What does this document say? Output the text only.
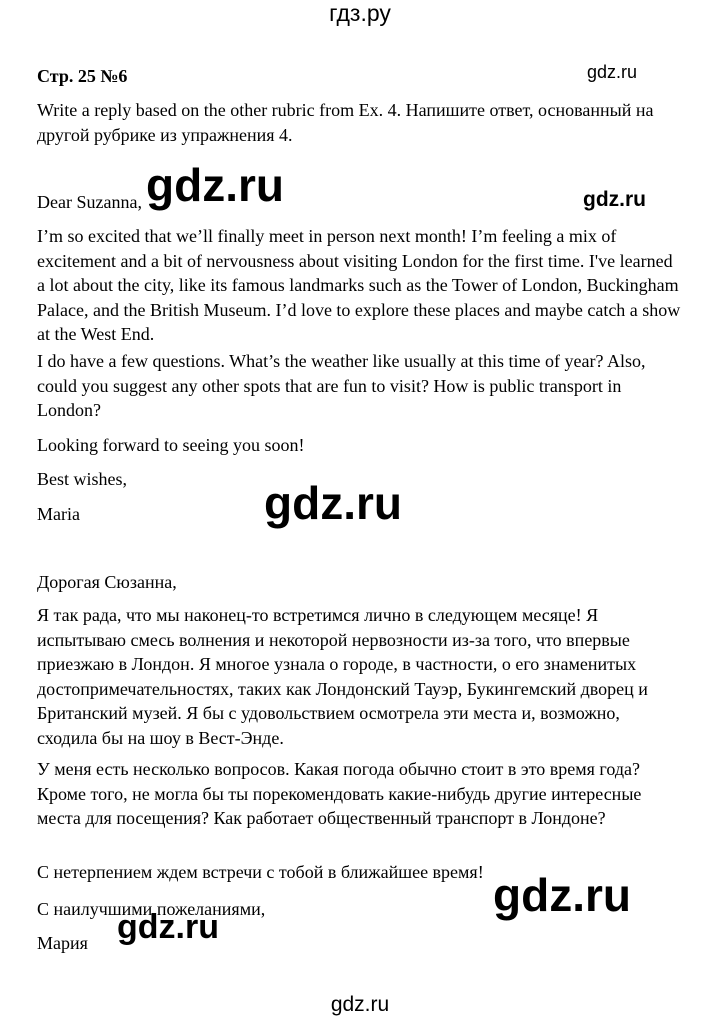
гдз.ру
Стр. 25 №6	gdz.ru
Write a reply based on the other rubric from Ex. 4. Напишите ответ, основанный на другой рубрике из упражнения 4.

Dear Suzanna, gdz.ru	gdz.ru

I’m so excited that we’ll finally meet in person next month! I’m feeling a mix of excitement and a bit of nervousness about visiting London for the first time. I've learned a lot about the city, like its famous landmarks such as the Tower of London, Buckingham Palace, and the British Museum. I’d love to explore these places and maybe catch a show at the West End.

I do have a few questions. What’s the weather like usually at this time of year? Also, could you suggest any other spots that are fun to visit? How is public transport in London?

Looking forward to seeing you soon!

Best wishes,

Maria	gdz.ru

Дорогая Сюзанна,

Я так рада, что мы наконец-то встретимся лично в следующем месяце! Я испытываю смесь волнения и некоторой нервозности из-за того, что впервые приезжаю в Лондон. Я многое узнала о городе, в частности, о его знаменитых достопримечательностях, таких как Лондонский Тауэр, Букингемский дворец и Британский музей. Я бы с удовольствием осмотрела эти места и, возможно, сходила бы на шоу в Вест-Энде.

У меня есть несколько вопросов. Какая погода обычно стоит в это время года? Кроме того, не могла бы ты порекомендовать какие-нибудь другие интересные места для посещения? Как работает общественный транспорт в Лондоне?

С нетерпением ждем встречи с тобой в ближайшее время!

С наилучшими пожеланиями,

Мария

gdz.ru
gdz.ru
gdz.ru
